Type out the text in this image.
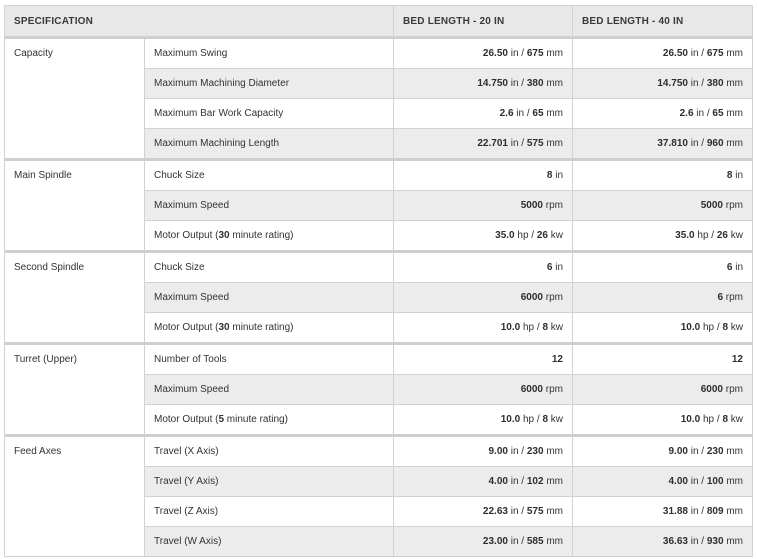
SPECIFICATION		BED LENGTH - 20 IN	BED LENGTH - 40 IN
Capacity	Maximum Swing	26.50 in / 675 mm	26.50 in / 675 mm
	Maximum Machining Diameter	14.750 in / 380 mm	14.750 in / 380 mm
	Maximum Bar Work Capacity	2.6 in / 65 mm	2.6 in / 65 mm
	Maximum Machining Length	22.701 in / 575 mm	37.810 in / 960 mm
Main Spindle	Chuck Size	8 in	8 in
	Maximum Speed	5000 rpm	5000 rpm
	Motor Output (30 minute rating)	35.0 hp / 26 kw	35.0 hp / 26 kw
Second Spindle	Chuck Size	6 in	6 in
	Maximum Speed	6000 rpm	6 rpm
	Motor Output (30 minute rating)	10.0 hp / 8 kw	10.0 hp / 8 kw
Turret (Upper)	Number of Tools	12	12
	Maximum Speed	6000 rpm	6000 rpm
	Motor Output (5 minute rating)	10.0 hp / 8 kw	10.0 hp / 8 kw
Feed Axes	Travel (X Axis)	9.00 in / 230 mm	9.00 in / 230 mm
	Travel (Y Axis)	4.00 in / 102 mm	4.00 in / 100 mm
	Travel (Z Axis)	22.63 in / 575 mm	31.88 in / 809 mm
	Travel (W Axis)	23.00 in / 585 mm	36.63 in / 930 mm
